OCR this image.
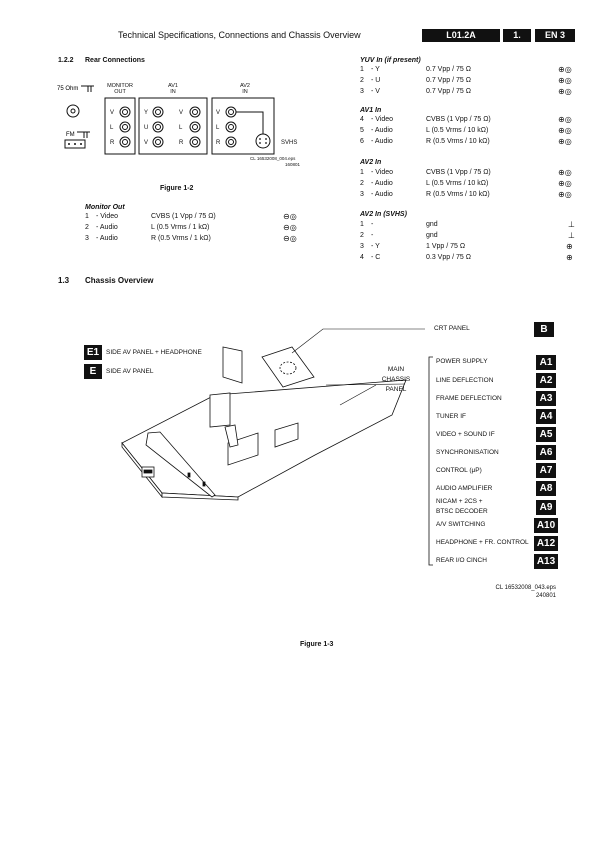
Technical Specifications, Connections and Chassis Overview	L01.2A	1.	EN 3
1.2.2 Rear Connections
75 Ohm
FM
V
L
R
Y
U
V
V
L
R
V
L
R	SVHS
CL 16532008_004.eps
160801
MONITOR OUT
AV1 IN
AV2 IN
Figure 1-2
Monitor Out
1 - Video	CVBS (1 Vpp / 75 Ω)	⊖◎
2 - Audio	L (0.5 Vrms / 1 kΩ)	⊖◎
3 - Audio	R (0.5 Vrms / 1 kΩ)	⊖◎
YUV In (if present)
1 - Y	0.7 Vpp / 75 Ω	⊕◎
2 - U	0.7 Vpp / 75 Ω	⊕◎
3 - V	0.7 Vpp / 75 Ω	⊕◎
AV1 In
4 - Video	CVBS (1 Vpp / 75 Ω)	⊕◎
5 - Audio	L (0.5 Vrms / 10 kΩ)	⊕◎
6 - Audio	R (0.5 Vrms / 10 kΩ)	⊕◎
AV2 In
1 - Video	CVBS (1 Vpp / 75 Ω)	⊕◎
2 - Audio	L (0.5 Vrms / 10 kΩ)	⊕◎
3 - Audio	R (0.5 Vrms / 10 kΩ)	⊕◎
AV2 In (SVHS)
1 -	gnd	⊥
2 -	gnd	⊥
3 - Y	1 Vpp / 75 Ω	⊕
4 - C	0.3 Vpp / 75 Ω	⊕
1.3 Chassis Overview
CRT PANEL	B
E1	SIDE AV PANEL + HEADPHONE
E	SIDE AV PANEL	MAIN
CHASSIS
PANEL
POWER SUPPLY	A1
LINE DEFLECTION	A2
FRAME DEFLECTION	A3
TUNER IF	A4
VIDEO + SOUND IF	A5
SYNCHRONISATION	A6
CONTROL (μP)	A7
AUDIO AMPLIFIER	A8
NICAM + 2CS +
BTSC DECODER	A9
A/V SWITCHING	A10
HEADPHONE + FR. CONTROL A12
REAR I/O CINCH	A13
CL 16532008_043.eps
240801
Figure 1-3
